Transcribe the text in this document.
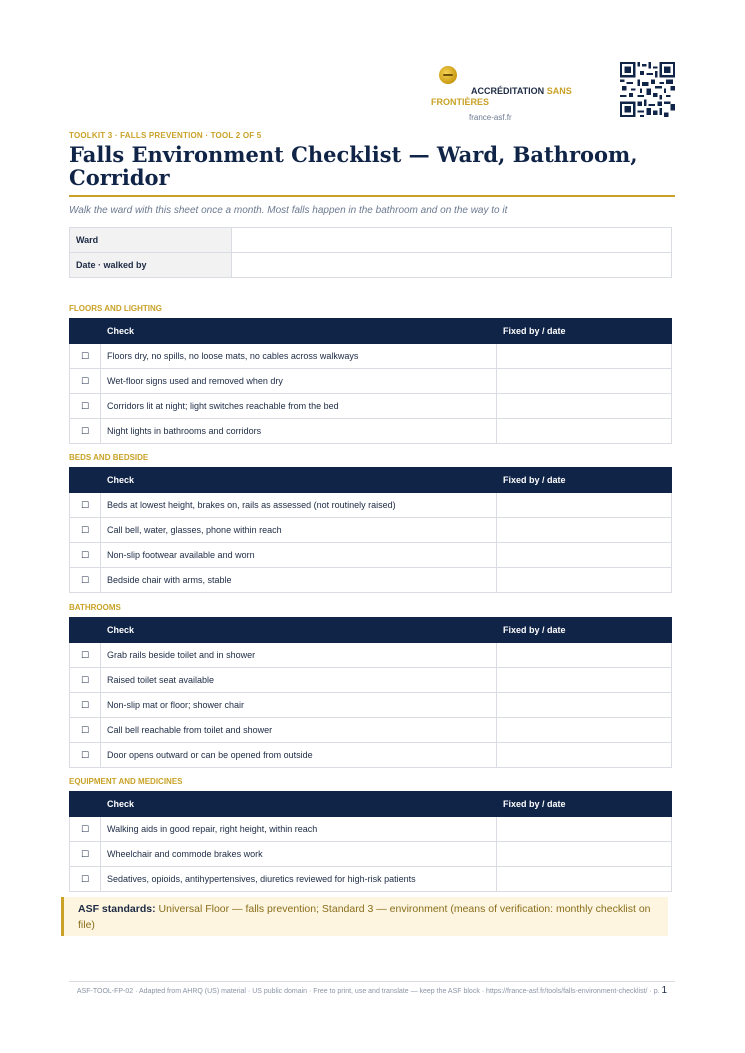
ACCRÉDITATION SANS FRONTIÈRES
france-asf.fr
TOOLKIT 3 · FALLS PREVENTION · TOOL 2 OF 5
Falls Environment Checklist — Ward, Bathroom, Corridor
Walk the ward with this sheet once a month. Most falls happen in the bathroom and on the way to it
Ward	
Date · walked by	
FLOORS AND LIGHTING
	Check	Fixed by / date
☐	Floors dry, no spills, no loose mats, no cables across walkways	
☐	Wet-floor signs used and removed when dry	
☐	Corridors lit at night; light switches reachable from the bed	
☐	Night lights in bathrooms and corridors	
BEDS AND BEDSIDE
	Check	Fixed by / date
☐	Beds at lowest height, brakes on, rails as assessed (not routinely raised)	
☐	Call bell, water, glasses, phone within reach	
☐	Non-slip footwear available and worn	
☐	Bedside chair with arms, stable	
BATHROOMS
	Check	Fixed by / date
☐	Grab rails beside toilet and in shower	
☐	Raised toilet seat available	
☐	Non-slip mat or floor; shower chair	
☐	Call bell reachable from toilet and shower	
☐	Door opens outward or can be opened from outside	
EQUIPMENT AND MEDICINES
	Check	Fixed by / date
☐	Walking aids in good repair, right height, within reach	
☐	Wheelchair and commode brakes work	
☐	Sedatives, opioids, antihypertensives, diuretics reviewed for high-risk patients	
ASF standards: Universal Floor — falls prevention; Standard 3 — environment (means of verification: monthly checklist on file)
ASF-TOOL-FP-02 · Adapted from AHRQ (US) material · US public domain · Free to print, use and translate — keep the ASF block · https://france-asf.fr/tools/falls-environment-checklist/ · p. 1
